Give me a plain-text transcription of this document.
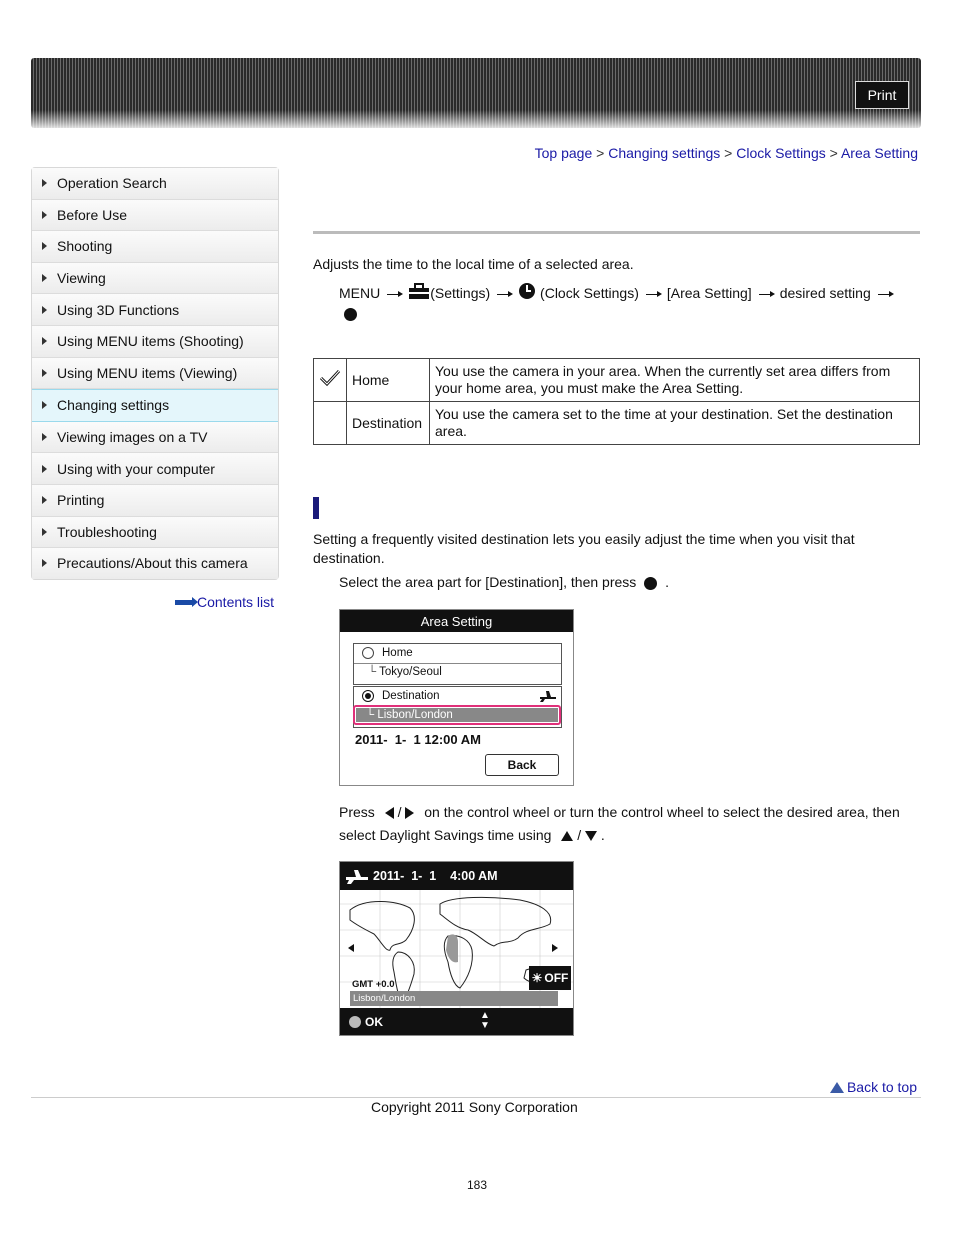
Print
Top page > Changing settings > Clock Settings > Area Setting
Operation Search
Before Use
Shooting
Viewing
Using 3D Functions
Using MENU items (Shooting)
Using MENU items (Viewing)
Changing settings
Viewing images on a TV
Using with your computer
Printing
Troubleshooting
Precautions/About this camera
Contents list
Adjusts the time to the local time of a selected area.
MENU	(Settings)	(Clock Settings) [Area Setting] desired setting
	Home	You use the camera in your area. When the currently set area differs from your home area, you must make the Area Setting.
	Destination	You use the camera set to the time at your destination. Set the destination area.
Setting a frequently visited destination lets you easily adjust the time when you visit that destination.
Select the area part for [Destination], then press .
Area Setting
Home
└ Tokyo/Seoul
Destination
└ Lisbon/London
2011-  1-  1 12:00 AM
Back
Press / on the control wheel or turn the control wheel to select the desired area, then
select Daylight Savings time using / .
2011-  1-  1    4:00 AM
☀ OFF
GMT +0.0
Lisbon/London
OK	▲
▼
Back to top
Copyright 2011 Sony Corporation
183
